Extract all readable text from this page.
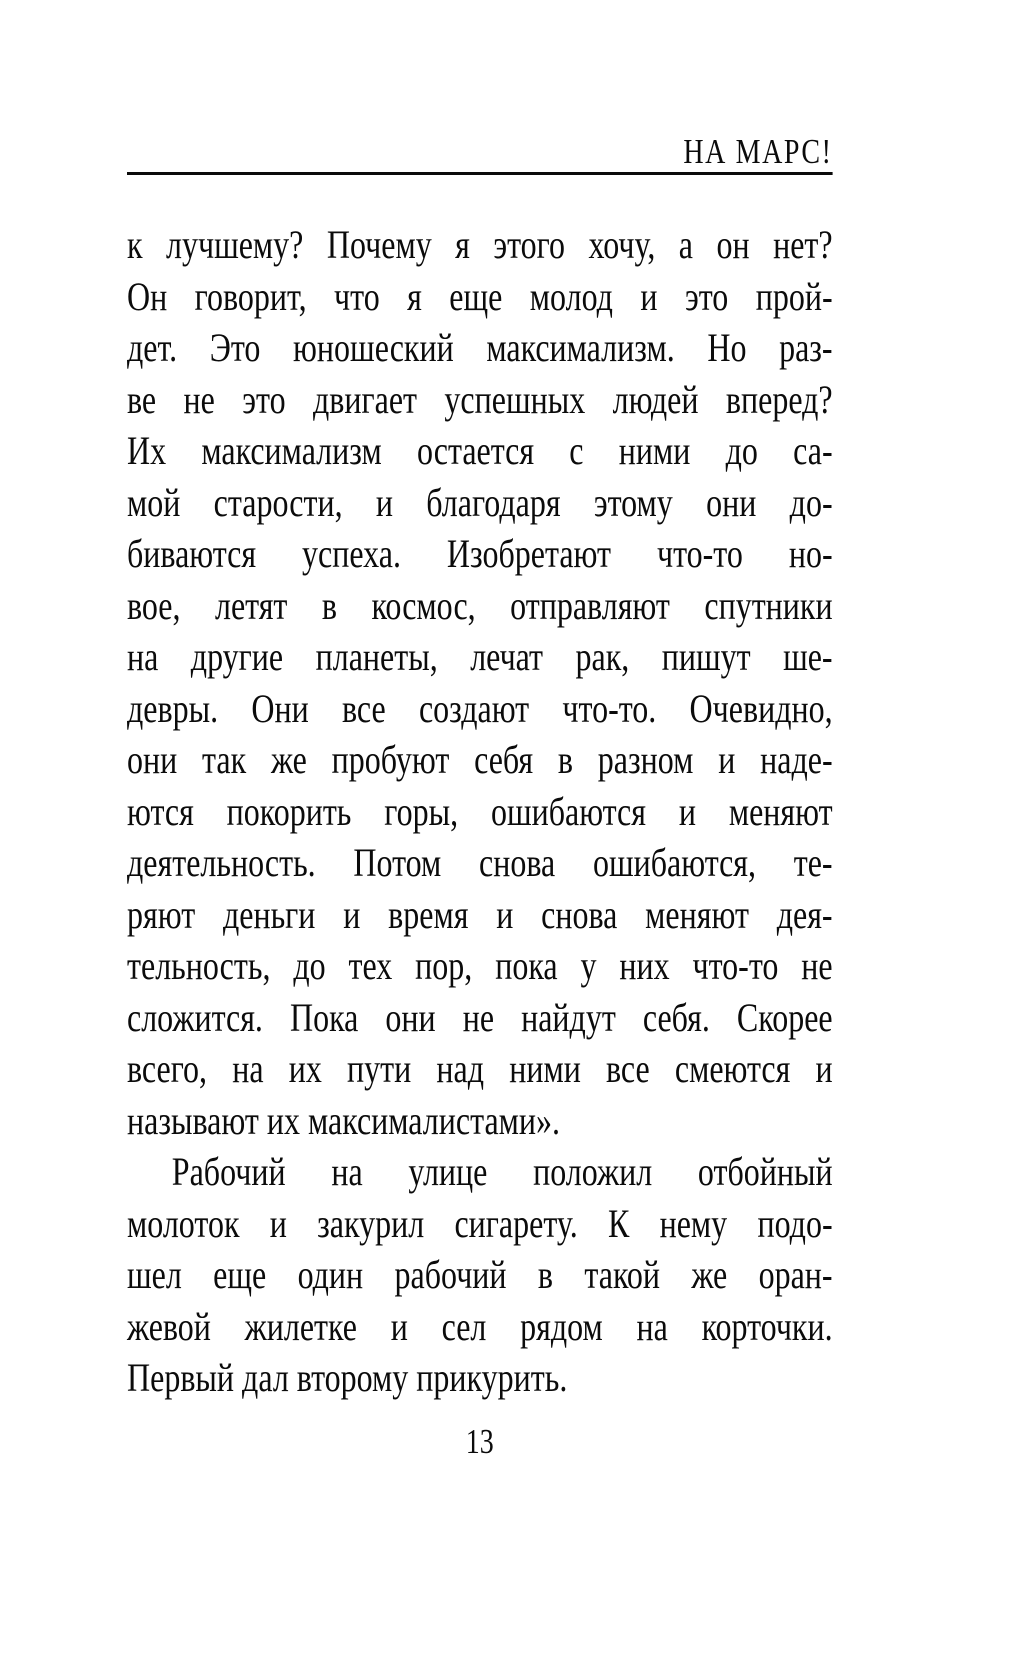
НА МАРС!
к лучшему? Почему я этого хочу, а он нет?
Он говорит, что я еще молод и это прой-
дет. Это юношеский максимализм. Но раз-
ве не это двигает успешных людей вперед?
Их максимализм остается с ними до са-
мой старости, и благодаря этому они до-
биваются успеха. Изобретают что-то но-
вое, летят в космос, отправляют спутники
на другие планеты, лечат рак, пишут ше-
девры. Они все создают что-то. Очевидно,
они так же пробуют себя в разном и наде-
ются покорить горы, ошибаются и меняют
деятельность. Потом снова ошибаются, те-
ряют деньги и время и снова меняют дея-
тельность, до тех пор, пока у них что-то не
сложится. Пока они не найдут себя. Скорее
всего, на их пути над ними все смеются и
называют их максималистами».
Рабочий на улице положил отбойный
молоток и закурил сигарету. К нему подо-
шел еще один рабочий в такой же оран-
жевой жилетке и сел рядом на корточки.
Первый дал второму прикурить.
13
